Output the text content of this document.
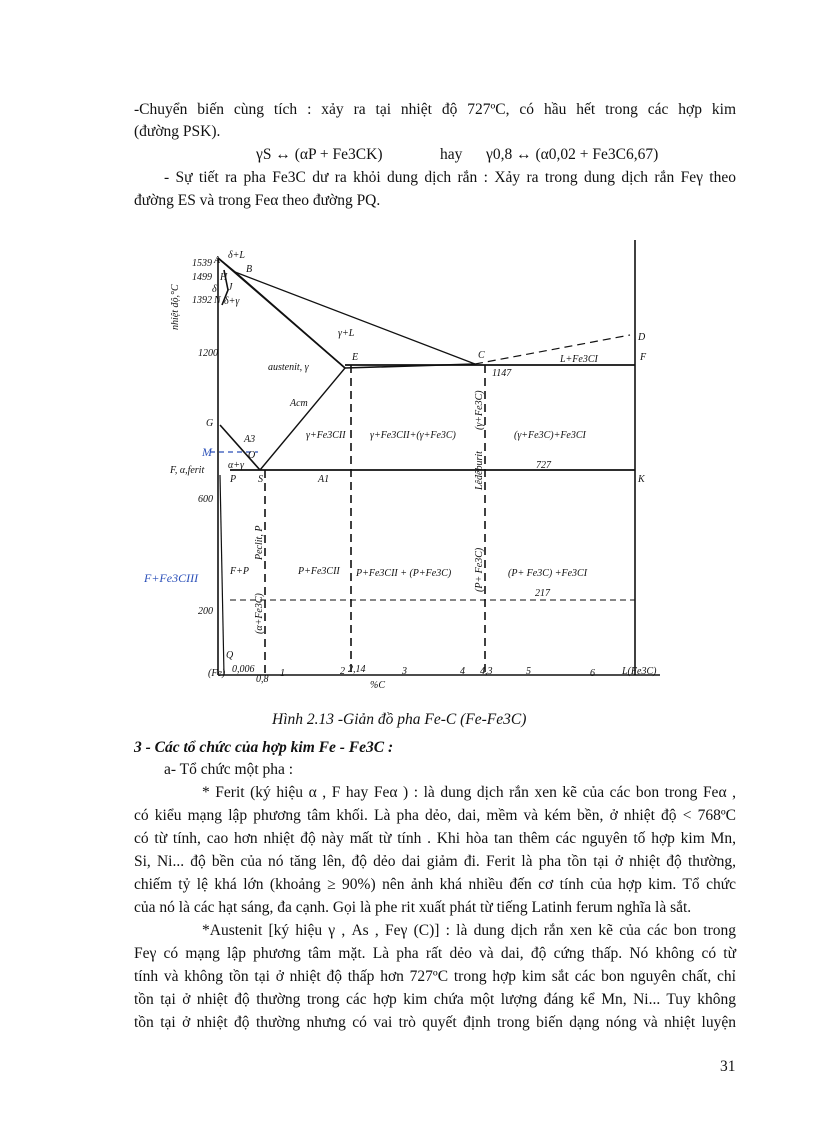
-Chuyển biến cùng tích : xảy ra tại nhiệt độ 727ºC, có hầu hết trong các hợp kim
(đường PSK).
γS ↔ (αP + Fe3CK)	hay γ0,8 ↔ (α0,02 + Fe3C6,67)
- Sự tiết ra pha Fe3C dư ra khỏi dung dịch rắn : Xảy ra trong dung dịch rắn Feγ theo
đường ES và trong Feα theo đường PQ.
1539 A
1499 H
B
J
δ
1392 N δ+γ
δ+L
nhiệt độ,°C
1200
austenit, γ
γ+L
E	C
D
L+Fe3CI	F
1147
Acm
G
A3	γ+Fe3CII γ+Fe3CII+(γ+Fe3C)	(γ+Fe3C)+Fe3CI
(γ+Fe3C)
M	O
α+γ
F, α,ferit
P S	A1
727
K
600
Peclit, P
Lêđêburit
F+P	P+Fe3CII P+Fe3CII + (P+Fe3C)	(P+ Fe3C) +Fe3CI
F+Fe3CIII
(α+Fe3C)
(P+ Fe3C)
217
200
Q
(Fe) 0,006
0,8
1	2 2,14	3	4 4,3	5	6	L(Fe3C)
%C
Hình 2.13 -Giản đồ pha Fe-C (Fe-Fe3C)
3 - Các tổ chức của hợp kim Fe - Fe3C :
a- Tổ chức một pha :
* Ferit (ký hiệu α , F hay Feα ) : là dung dịch rắn xen kẽ của các bon trong Feα ,
có kiểu mạng lập phương tâm khối. Là pha dẻo, dai, mềm và kém bền, ở nhiệt độ < 768ºC
có từ tính, cao hơn nhiệt độ này mất từ tính . Khi hòa tan thêm các nguyên tố hợp kim Mn,
Si, Ni... độ bền của nó tăng lên, độ dẻo dai giảm đi. Ferit là pha tồn tại ở nhiệt độ thường,
chiếm tỷ lệ khá lớn (khoảng ≥ 90%) nên ảnh khá nhiều đến cơ tính của hợp kim. Tổ chức
của nó là các hạt sáng, đa cạnh. Gọi là phe rit xuất phát từ tiếng Latinh ferum nghĩa là sắt.
*Austenit [ký hiệu γ , As , Feγ (C)] : là dung dịch rắn xen kẽ của các bon trong
Feγ có mạng lập phương tâm mặt. Là pha rất dẻo và dai, độ cứng thấp. Nó không có từ
tính và không tồn tại ở nhiệt độ thấp hơn 727ºC trong hợp kim sắt các bon nguyên chất, chỉ
tồn tại ở nhiệt độ thường trong các hợp kim chứa một lượng đáng kể Mn, Ni... Tuy không
tồn tại ở nhiệt độ thường nhưng có vai trò quyết định trong biến dạng nóng và nhiệt luyện
31
